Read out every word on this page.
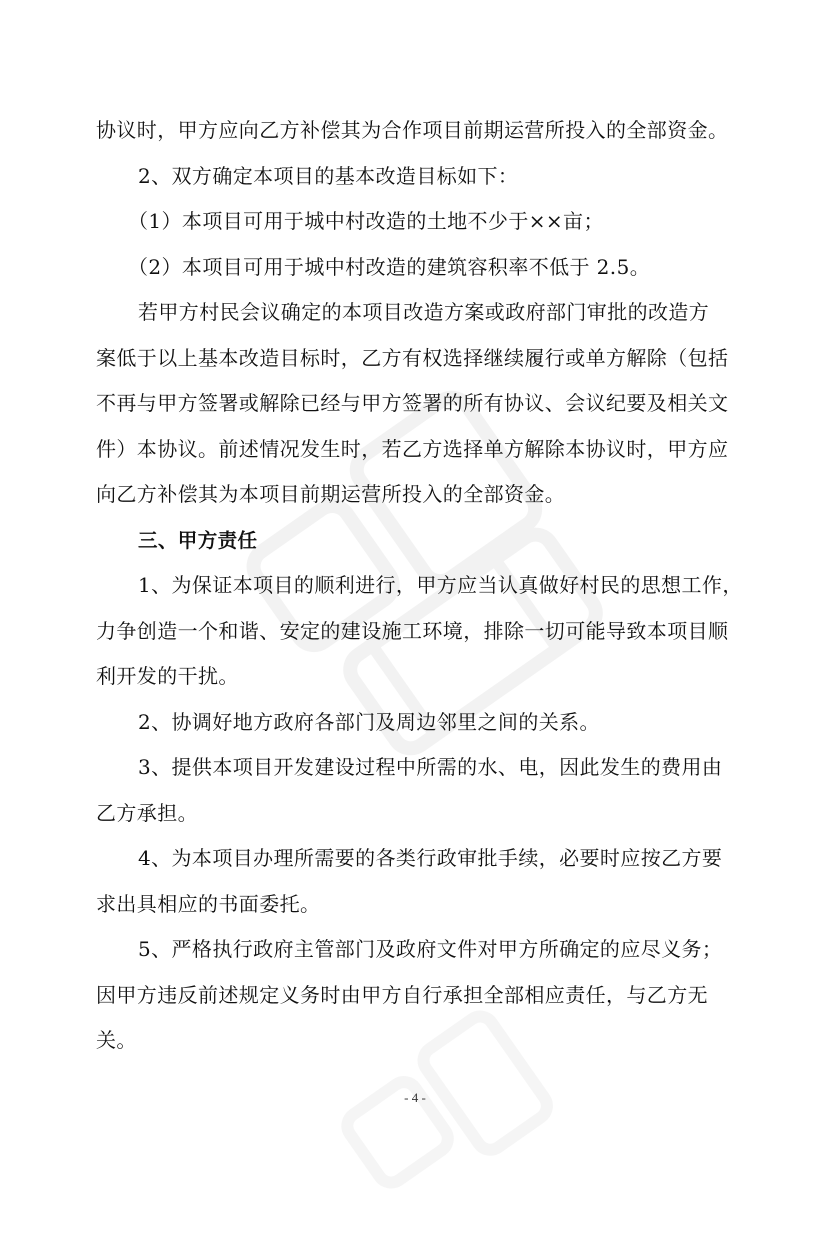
协议时，甲方应向乙方补偿其为合作项目前期运营所投入的全部资金。
2、双方确定本项目的基本改造目标如下：
（1）本项目可用于城中村改造的土地不少于××亩；
（2）本项目可用于城中村改造的建筑容积率不低于 2.5。
若甲方村民会议确定的本项目改造方案或政府部门审批的改造方
案低于以上基本改造目标时，乙方有权选择继续履行或单方解除（包括
不再与甲方签署或解除已经与甲方签署的所有协议、会议纪要及相关文
件）本协议。前述情况发生时，若乙方选择单方解除本协议时，甲方应
向乙方补偿其为本项目前期运营所投入的全部资金。
三、甲方责任
1、为保证本项目的顺利进行，甲方应当认真做好村民的思想工作，
力争创造一个和谐、安定的建设施工环境，排除一切可能导致本项目顺
利开发的干扰。
2、协调好地方政府各部门及周边邻里之间的关系。
3、提供本项目开发建设过程中所需的水、电，因此发生的费用由
乙方承担。
4、为本项目办理所需要的各类行政审批手续，必要时应按乙方要
求出具相应的书面委托。
5、严格执行政府主管部门及政府文件对甲方所确定的应尽义务；
因甲方违反前述规定义务时由甲方自行承担全部相应责任，与乙方无
关。
- 4 -
